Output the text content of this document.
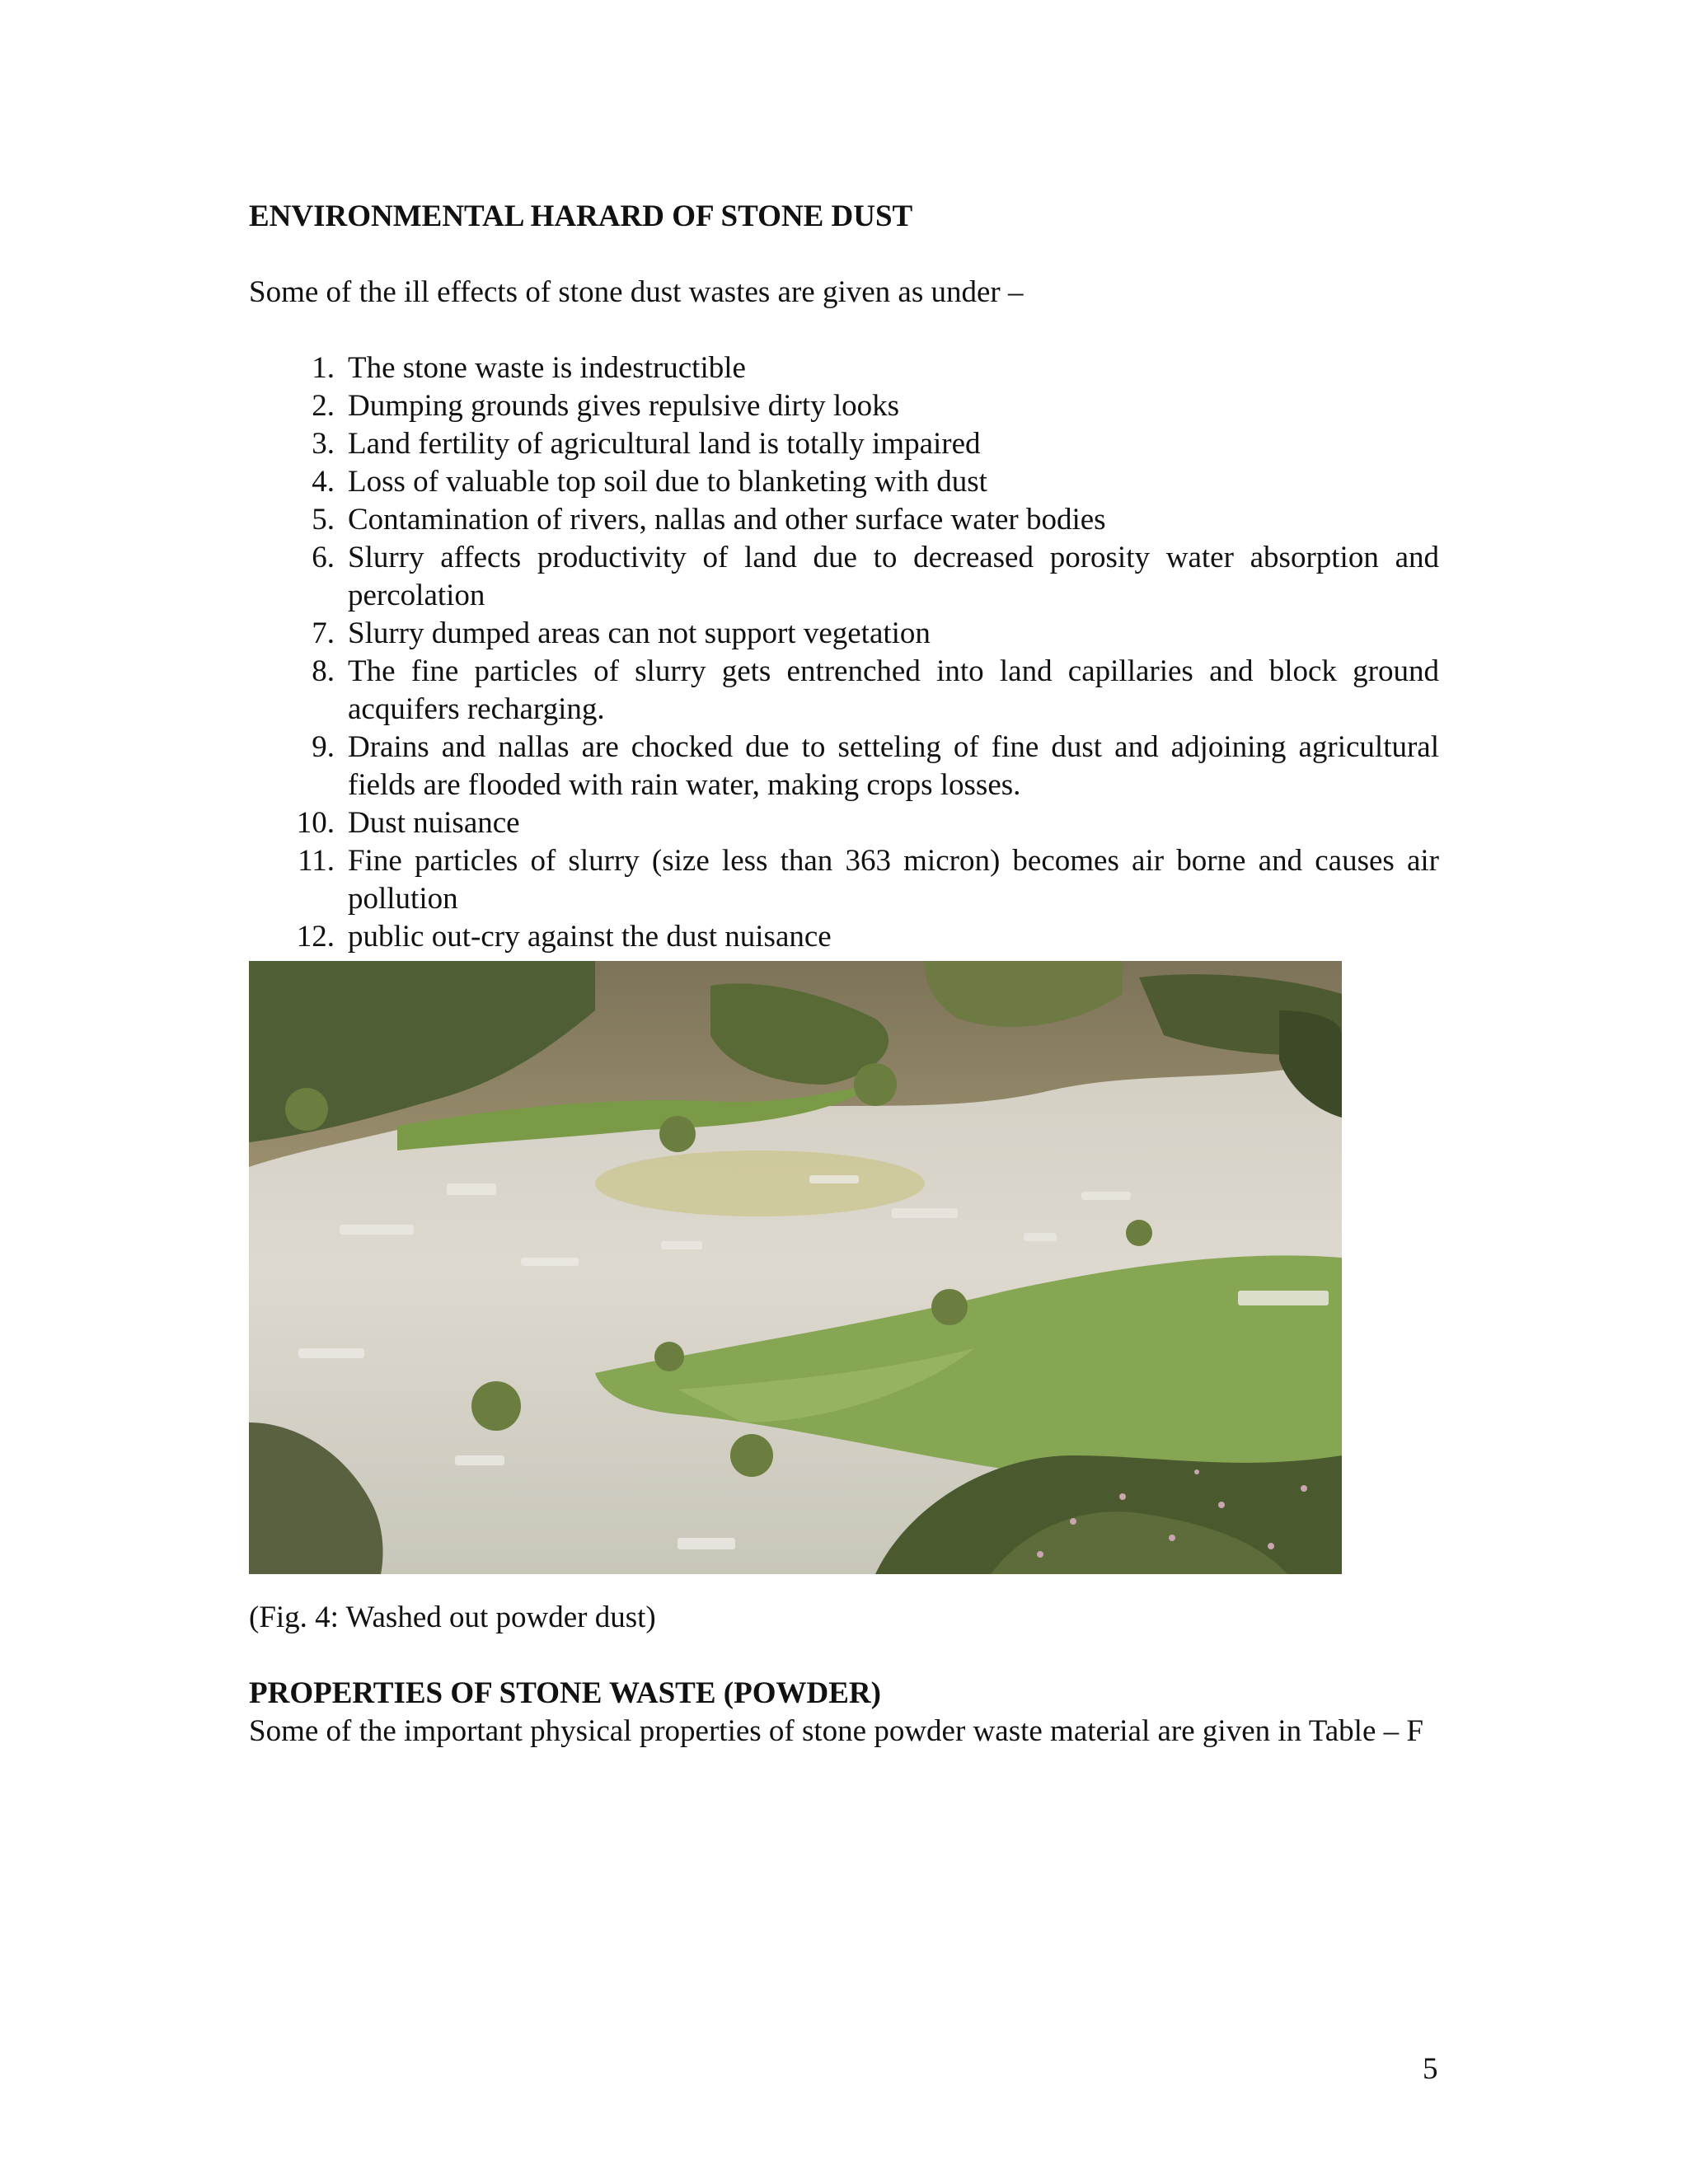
ENVIRONMENTAL HARARD OF STONE DUST

Some of the ill effects of stone dust wastes are given as under –

1. The stone waste is indestructible
2. Dumping grounds gives repulsive dirty looks
3. Land fertility of agricultural land is totally impaired
4. Loss of valuable top soil due to blanketing with dust
5. Contamination of rivers, nallas and other surface water bodies
6. Slurry affects productivity of land due to decreased porosity water absorption and percolation
7. Slurry dumped areas can not support vegetation
8. The fine particles of slurry gets entrenched into land capillaries and block ground acquifers recharging.
9. Drains and nallas are chocked due to setteling of fine dust and adjoining agricultural fields are flooded with rain water, making crops losses.
10. Dust nuisance
11. Fine particles of slurry (size less than 363 micron) becomes air borne and causes air pollution
12. public out-cry against the dust nuisance

(Fig. 4: Washed out powder dust)

PROPERTIES OF STONE WASTE (POWDER)

Some of the important physical properties of stone powder waste material are given in Table – F

5
